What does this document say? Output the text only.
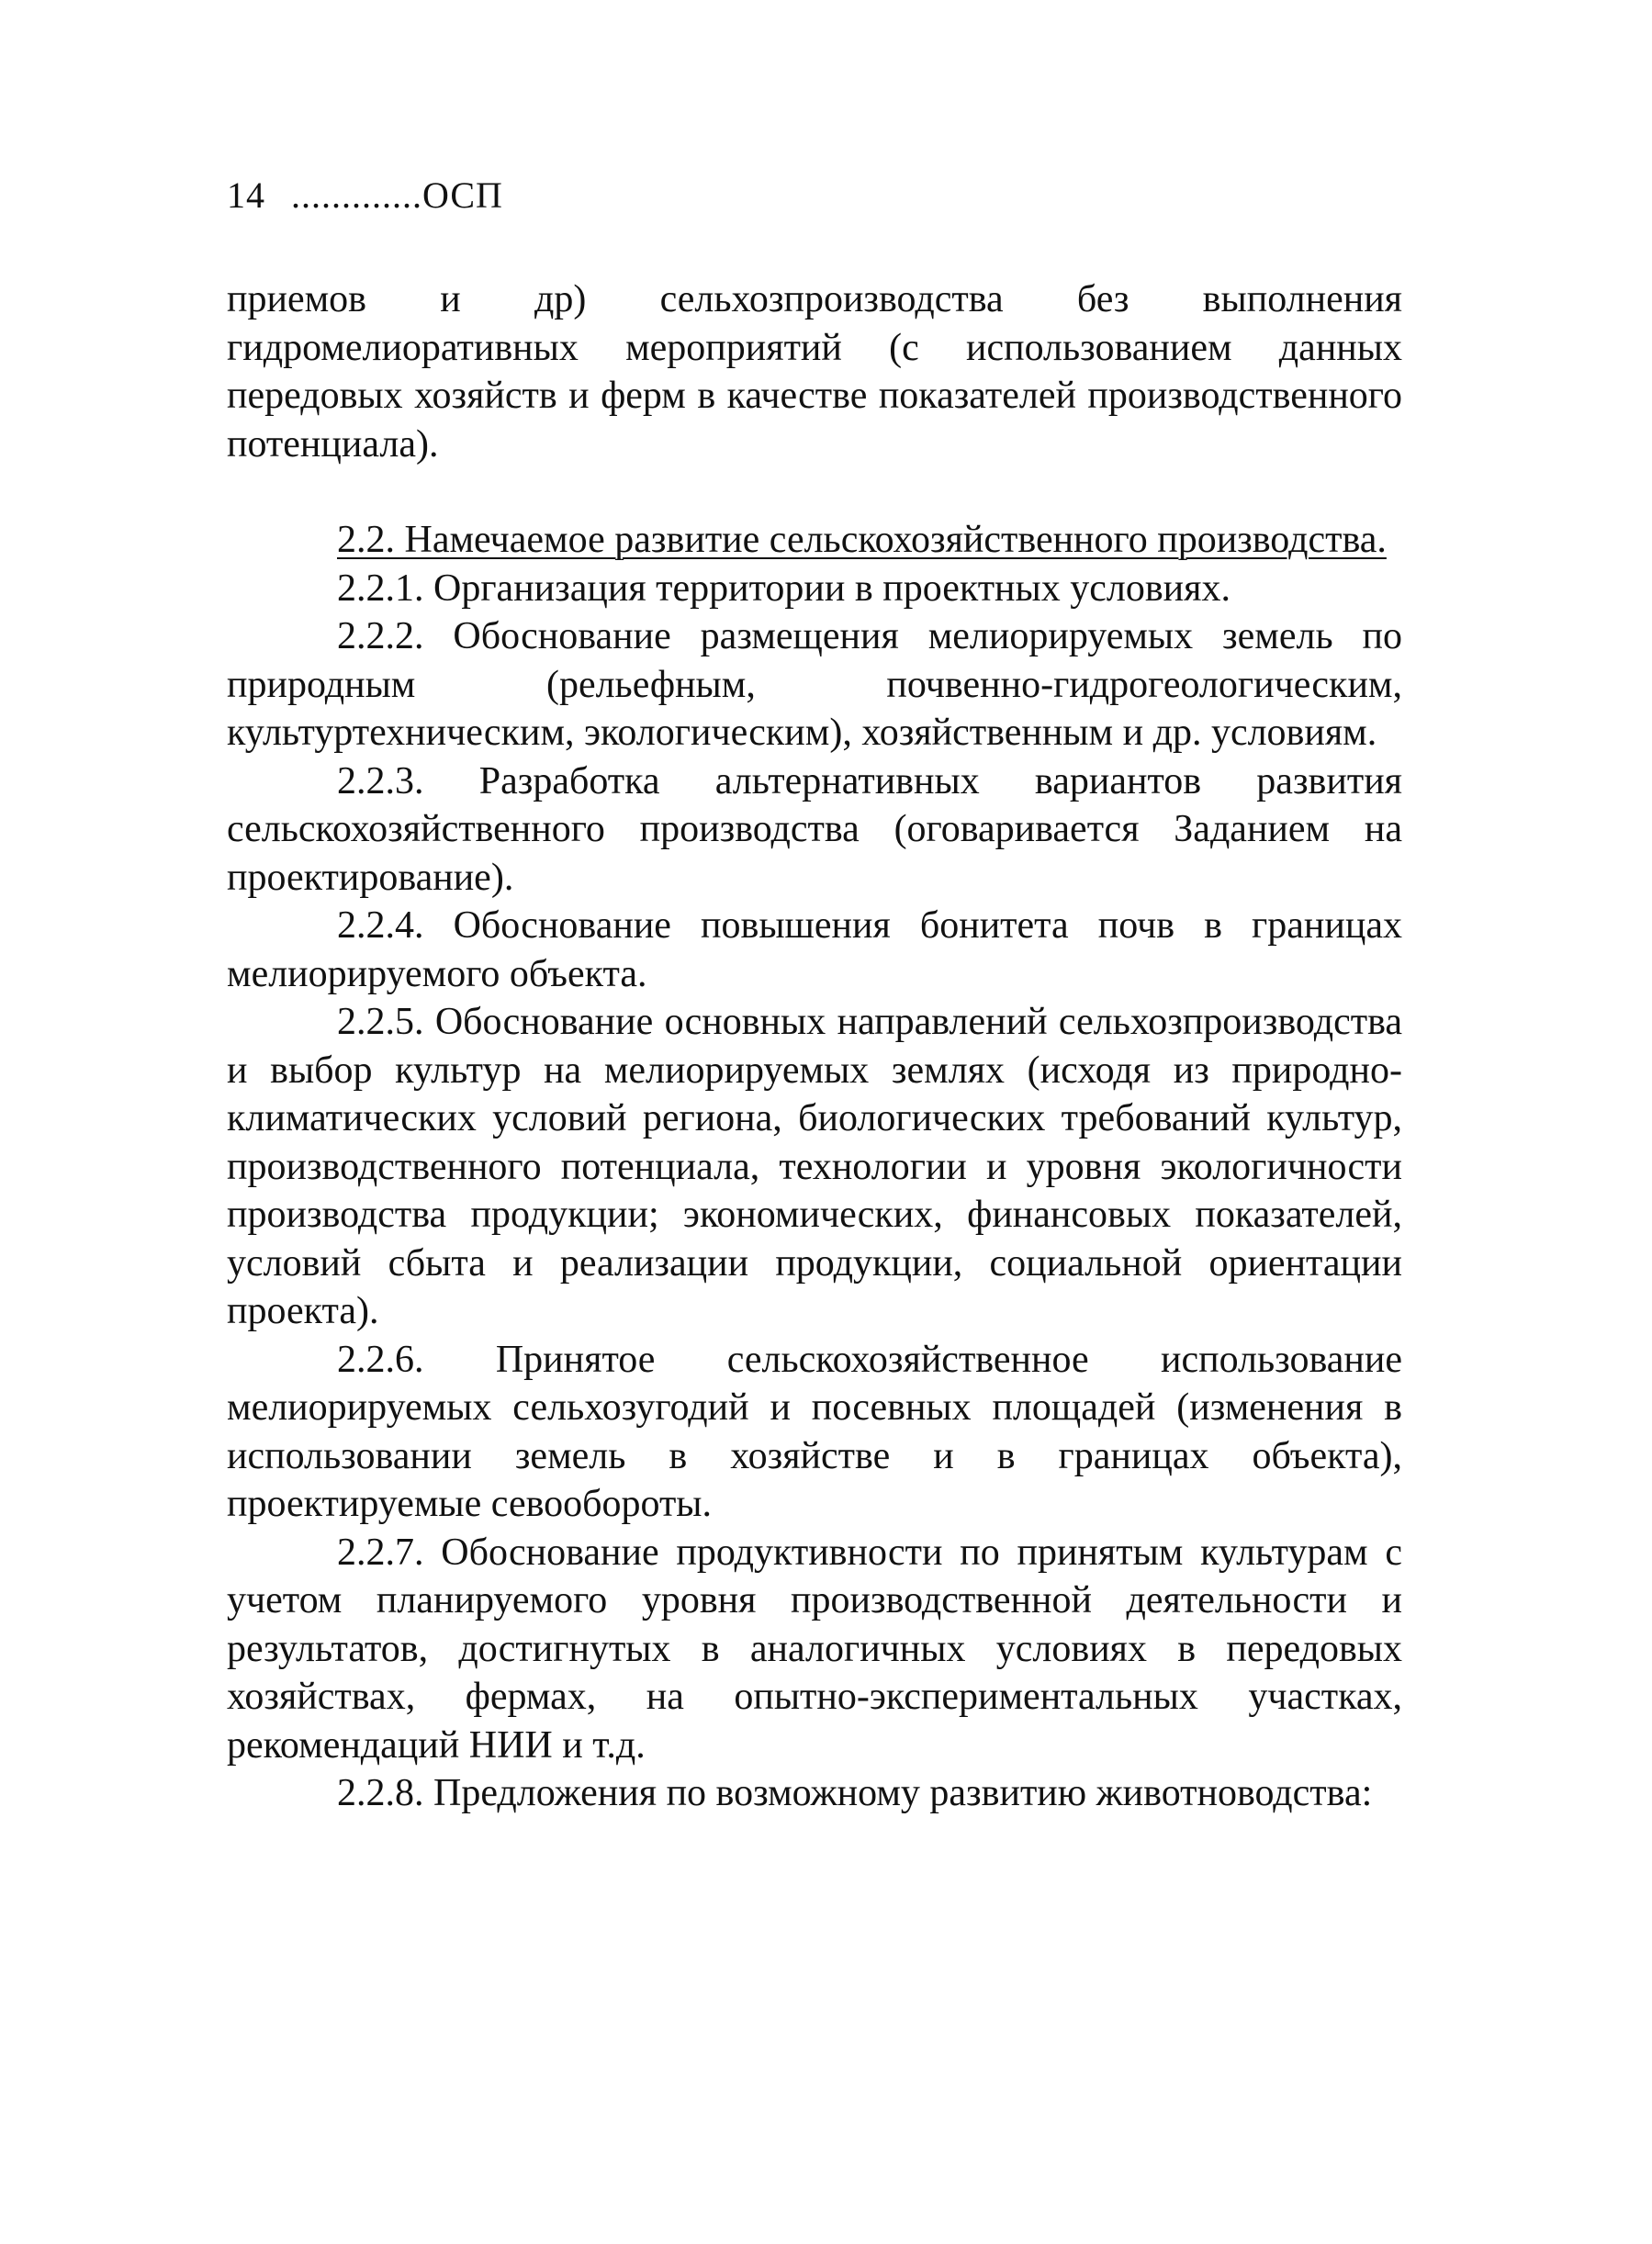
14 .............ОСП

приемов и др) сельхозпроизводства без выполнения гидромелиоративных мероприятий (с использованием данных передовых хозяйств и ферм в качестве показателей производственного потенциала).

2.2. Намечаемое развитие сельскохозяйственного производства.

2.2.1. Организация территории в проектных условиях.

2.2.2. Обоснование размещения мелиорируемых земель по природным (рельефным, почвенно-гидрогеологическим, культуртехническим, экологическим), хозяйственным и др. условиям.

2.2.3. Разработка альтернативных вариантов развития сельскохозяйственного производства (оговаривается Заданием на проектирование).

2.2.4. Обоснование повышения бонитета почв в границах мелиорируемого объекта.

2.2.5. Обоснование основных направлений сельхозпроизводства и выбор культур на мелиорируемых землях (исходя из природно-климатических условий региона, биологических требований культур, производственного потенциала, технологии и уровня экологичности производства продукции; экономических, финансовых показателей, условий сбыта и реализации продукции, социальной ориентации проекта).

2.2.6. Принятое сельскохозяйственное использование мелиорируемых сельхозугодий и посевных площадей (изменения в использовании земель в хозяйстве и в границах объекта), проектируемые севообороты.

2.2.7. Обоснование продуктивности по принятым культурам с учетом планируемого уровня производственной деятельности и результатов, достигнутых в аналогичных условиях в передовых хозяйствах, фермах, на опытно-экспериментальных участках, рекомендаций НИИ и т.д.

2.2.8. Предложения по возможному развитию животноводства:
